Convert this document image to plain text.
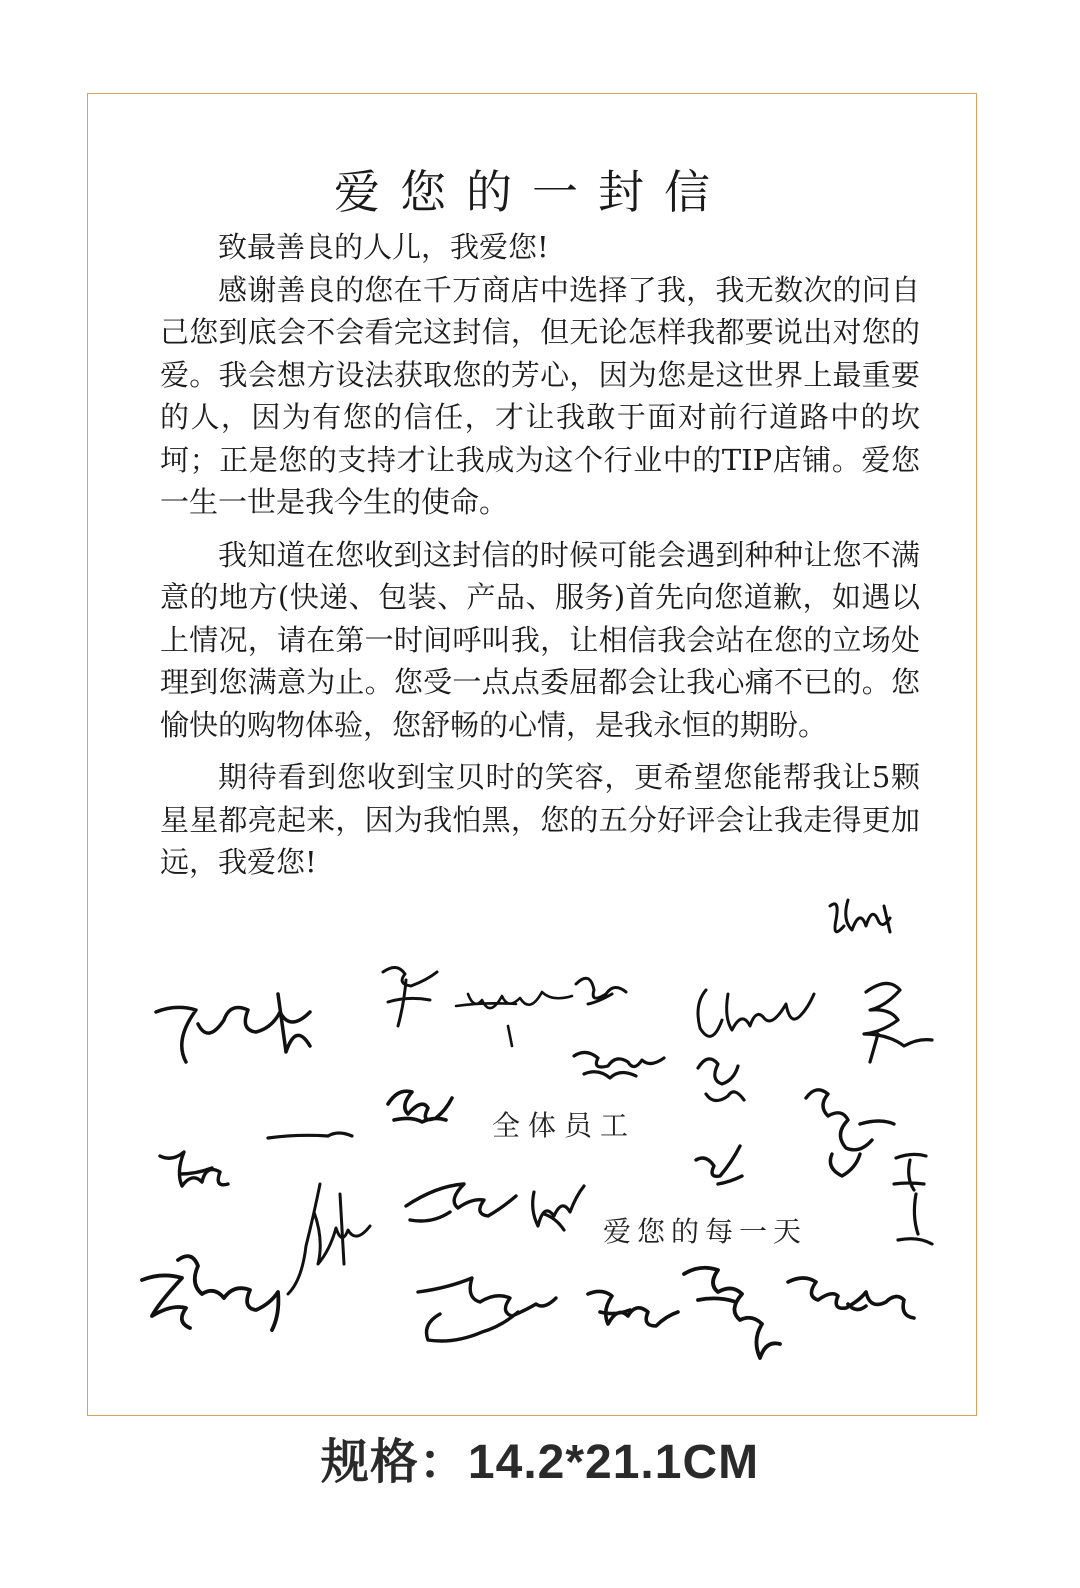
爱您的一封信

致最善良的人儿，我爱您!

感谢善良的您在千万商店中选择了我，我无数次的问自己您到底会不会看完这封信，但无论怎样我都要说出对您的爱。我会想方设法获取您的芳心，因为您是这世界上最重要的人，因为有您的信任，才让我敢于面对前行道路中的坎坷；正是您的支持才让我成为这个行业中的TIP店铺。爱您一生一世是我今生的使命。

我知道在您收到这封信的时候可能会遇到种种让您不满意的地方(快递、包装、产品、服务)首先向您道歉，如遇以上情况，请在第一时间呼叫我，让相信我会站在您的立场处理到您满意为止。您受一点点委屈都会让我心痛不已的。您愉快的购物体验，您舒畅的心情，是我永恒的期盼。

期待看到您收到宝贝时的笑容，更希望您能帮我让5颗星星都亮起来，因为我怕黑，您的五分好评会让我走得更加远，我爱您!

全体员工
爱您的每一天
规格：14.2*21.1CM
